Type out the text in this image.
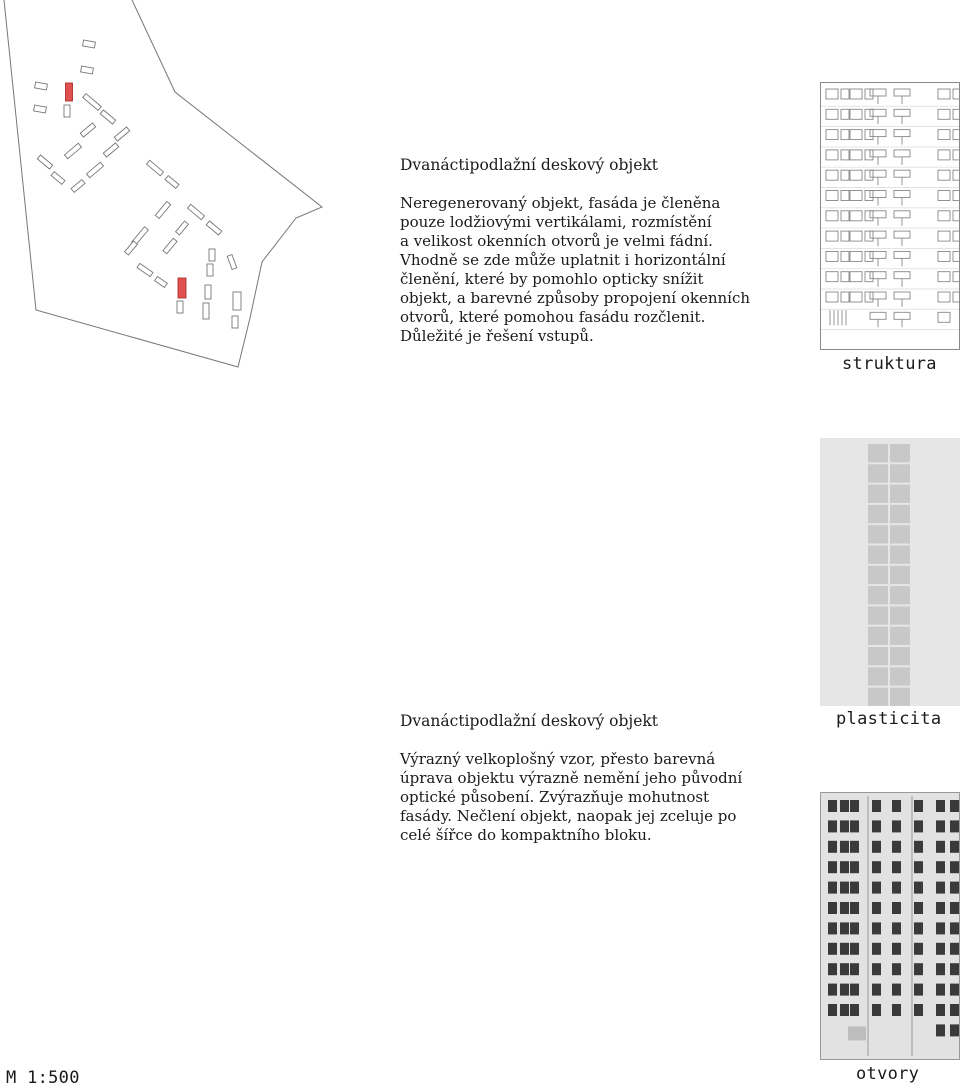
Dvanáctipodlažní deskový objekt
Neregenerovaný objekt, fasáda je členěna
pouze lodžiovými vertikálami, rozmístění
a velikost okenních otvorů je velmi fádní.
Vhodně se zde může uplatnit i horizontální
členění, které by pomohlo opticky snížit
objekt, a barevné způsoby propojení okenních
otvorů, které pomohou fasádu rozčlenit.
Důležité je řešení vstupů.
struktura
plasticita
Dvanáctipodlažní deskový objekt
Výrazný velkoplošný vzor, přesto barevná
úprava objektu výrazně nemění jeho původní
optické působení. Zvýrazňuje mohutnost
fasády. Nečlení objekt, naopak jej zceluje po
celé šířce do kompaktního bloku.
otvory
M 1:500
